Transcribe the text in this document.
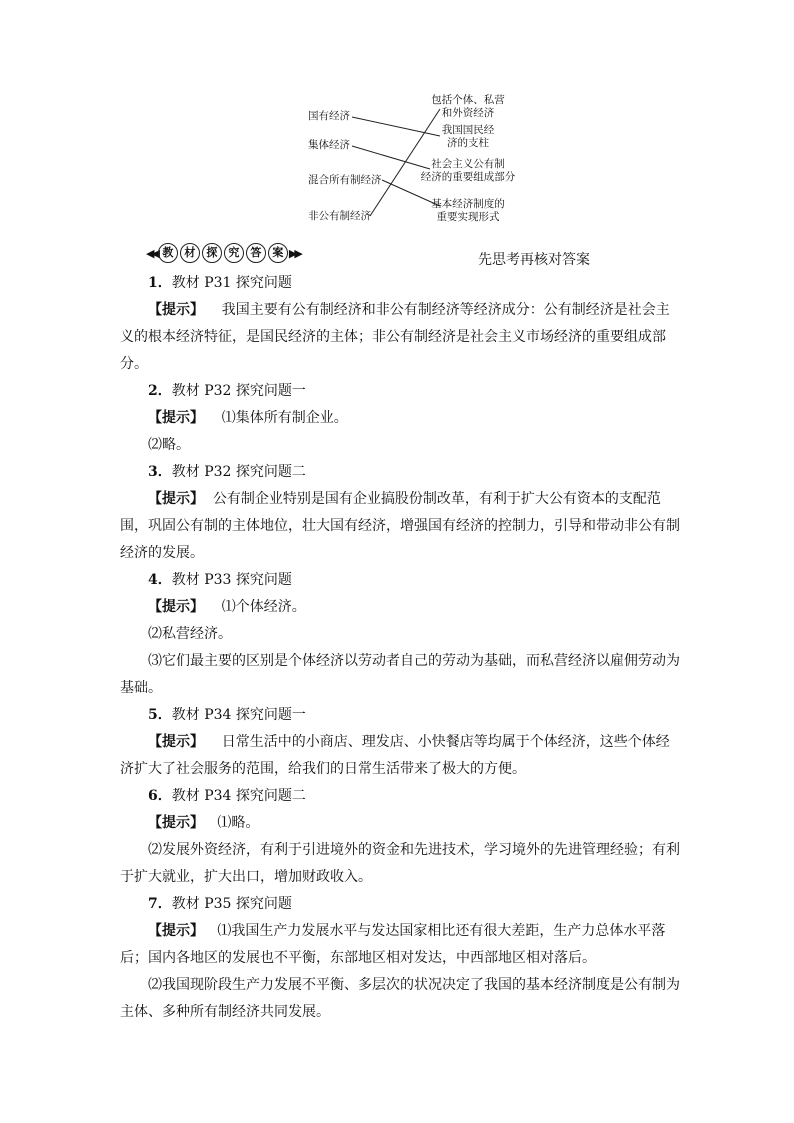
国有经济
集体经济
混合所有制经济
非公有制经济
包括个体、私营
和外资经济
我国国民经
济的支柱
社会主义公有制
经济的重要组成部分
基本经济制度的
重要实现形式
◀◀ 教	材	探	究	答	案 ▶▶	先思考再核对答案

1．教材 P31 探究问题

【提示】    我国主要有公有制经济和非公有制经济等经济成分：公有制经济是社会主义的根本经济特征，是国民经济的主体；非公有制经济是社会主义市场经济的重要组成部分。

2．教材 P32 探究问题一

【提示】    ⑴集体所有制企业。

⑵略。

3．教材 P32 探究问题二

【提示】  公有制企业特别是国有企业搞股份制改革，有利于扩大公有资本的支配范围，巩固公有制的主体地位，壮大国有经济，增强国有经济的控制力，引导和带动非公有制经济的发展。

4．教材 P33 探究问题

【提示】    ⑴个体经济。

⑵私营经济。

⑶它们最主要的区别是个体经济以劳动者自己的劳动为基础，而私营经济以雇佣劳动为基础。

5．教材 P34 探究问题一

【提示】    日常生活中的小商店、理发店、小快餐店等均属于个体经济，这些个体经济扩大了社会服务的范围，给我们的日常生活带来了极大的方便。

6．教材 P34 探究问题二

【提示】   ⑴略。

⑵发展外资经济，有利于引进境外的资金和先进技术，学习境外的先进管理经验；有利于扩大就业，扩大出口，增加财政收入。

7．教材 P35 探究问题

【提示】   ⑴我国生产力发展水平与发达国家相比还有很大差距，生产力总体水平落后；国内各地区的发展也不平衡，东部地区相对发达，中西部地区相对落后。

⑵我国现阶段生产力发展不平衡、多层次的状况决定了我国的基本经济制度是公有制为主体、多种所有制经济共同发展。
